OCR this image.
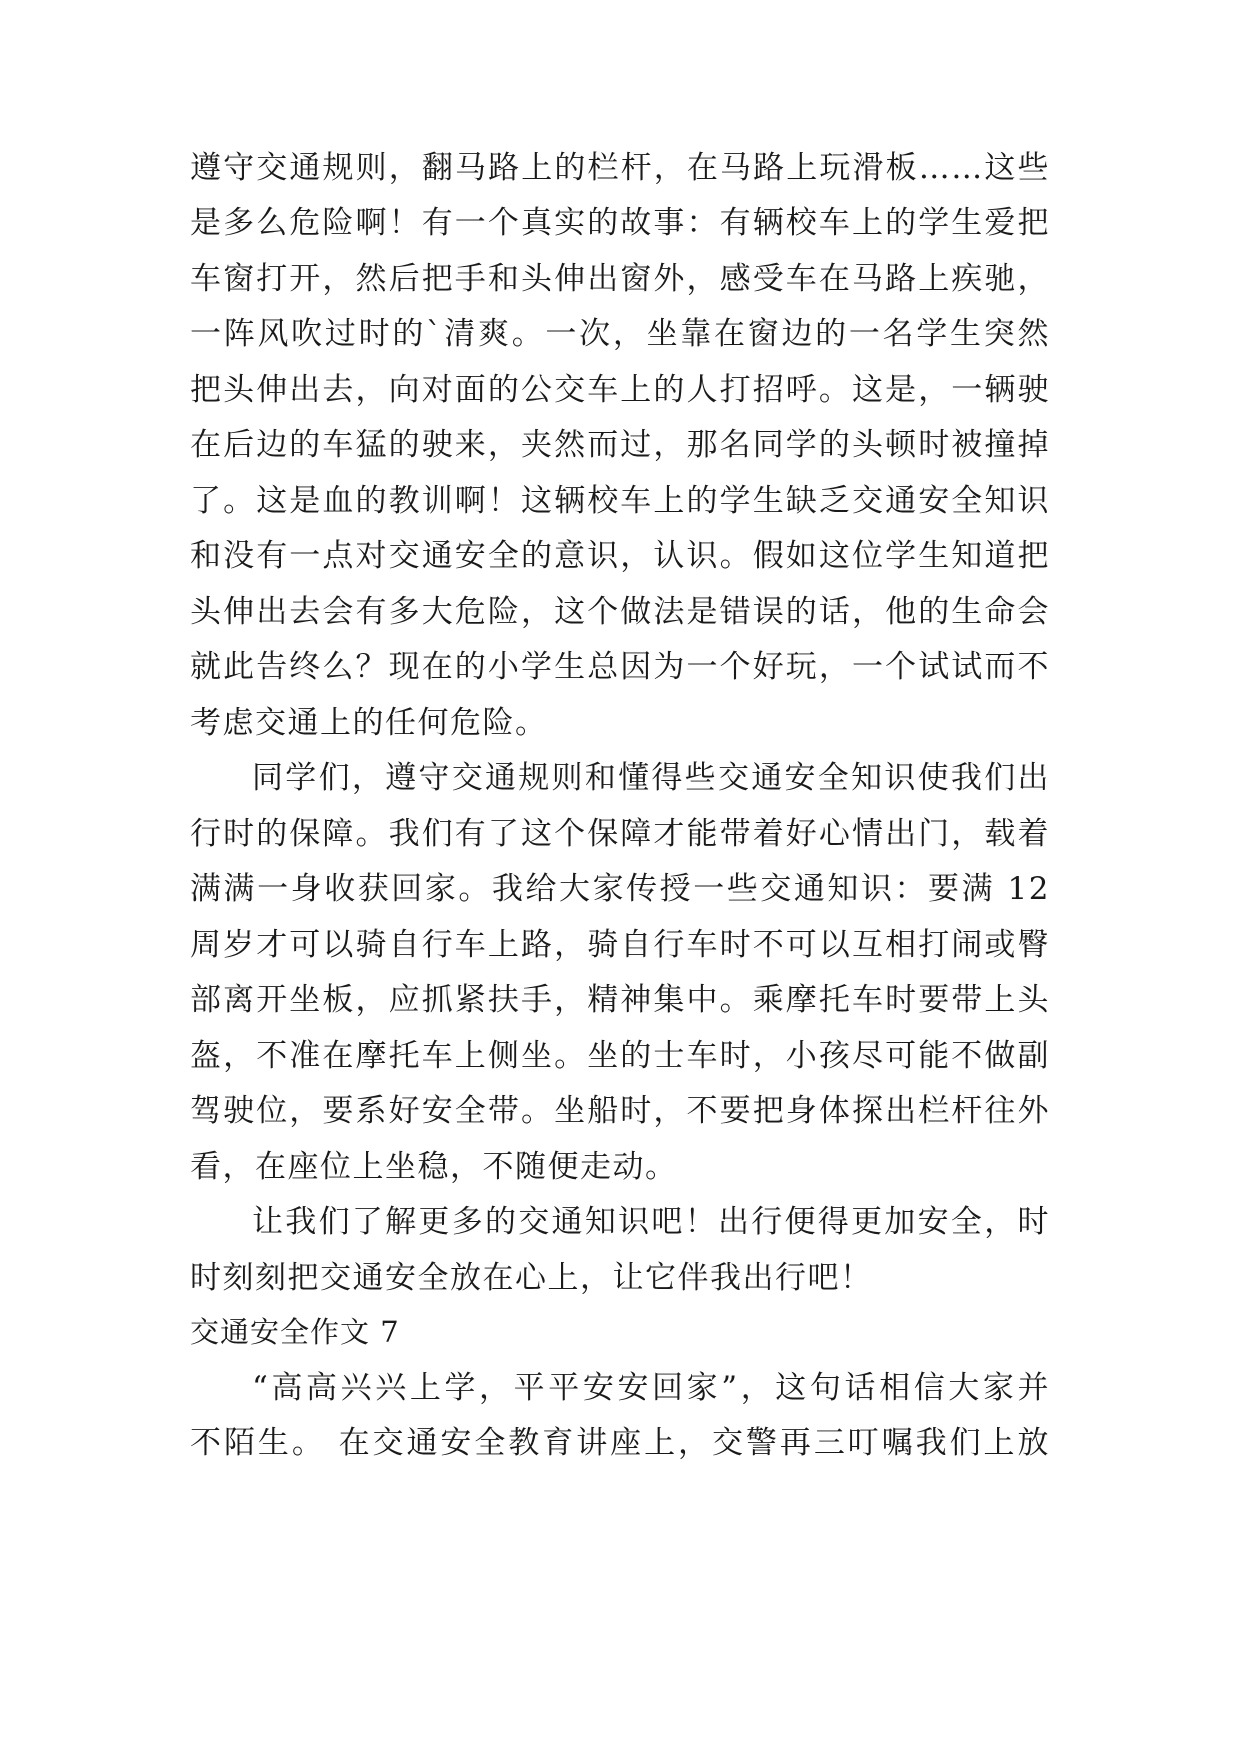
遵守交通规则，翻马路上的栏杆，在马路上玩滑板……这些
是多么危险啊！有一个真实的故事：有辆校车上的学生爱把
车窗打开，然后把手和头伸出窗外，感受车在马路上疾驰，
一阵风吹过时的`清爽。一次，坐靠在窗边的一名学生突然
把头伸出去，向对面的公交车上的人打招呼。这是，一辆驶
在后边的车猛的驶来，夹然而过，那名同学的头顿时被撞掉
了。这是血的教训啊！这辆校车上的学生缺乏交通安全知识
和没有一点对交通安全的意识，认识。假如这位学生知道把
头伸出去会有多大危险，这个做法是错误的话，他的生命会
就此告终么？现在的小学生总因为一个好玩，一个试试而不
考虑交通上的任何危险。
同学们，遵守交通规则和懂得些交通安全知识使我们出
行时的保障。我们有了这个保障才能带着好心情出门，载着
满满一身收获回家。我给大家传授一些交通知识：要满 12
周岁才可以骑自行车上路，骑自行车时不可以互相打闹或臀
部离开坐板，应抓紧扶手，精神集中。乘摩托车时要带上头
盔，不准在摩托车上侧坐。坐的士车时，小孩尽可能不做副
驾驶位，要系好安全带。坐船时，不要把身体探出栏杆往外
看，在座位上坐稳，不随便走动。
让我们了解更多的交通知识吧！出行便得更加安全，时
时刻刻把交通安全放在心上，让它伴我出行吧！
交通安全作文 7
“高高兴兴上学，平平安安回家”，这句话相信大家并
不陌生。 在交通安全教育讲座上，交警再三叮嘱我们上放
